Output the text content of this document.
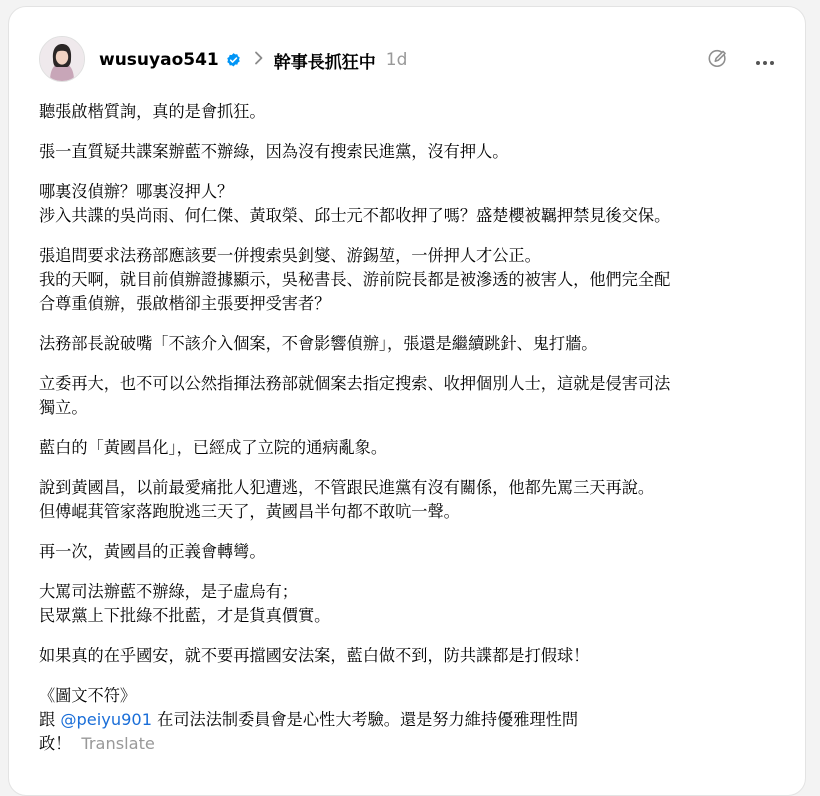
wusuyao541	幹事長抓狂中 1d

聽張啟楷質詢，真的是會抓狂。

張一直質疑共諜案辦藍不辦綠，因為沒有搜索民進黨，沒有押人。

哪裏沒偵辦？哪裏沒押人？
涉入共諜的吳尚雨、何仁傑、黃取榮、邱士元不都收押了嗎？盛楚櫻被羈押禁見後交保。

張追問要求法務部應該要一併搜索吳釗燮、游錫堃，一併押人才公正。
我的天啊，就目前偵辦證據顯示，吳秘書長、游前院長都是被滲透的被害人，他們完全配
合尊重偵辦，張啟楷卻主張要押受害者？

法務部長說破嘴「不該介入個案，不會影響偵辦」，張還是繼續跳針、鬼打牆。

立委再大，也不可以公然指揮法務部就個案去指定搜索、收押個別人士，這就是侵害司法
獨立。

藍白的「黃國昌化」，已經成了立院的通病亂象。

說到黃國昌，以前最愛痛批人犯遭逃，不管跟民進黨有沒有關係，他都先罵三天再說。
但傅崐萁管家落跑脫逃三天了，黃國昌半句都不敢吭一聲。

再一次，黃國昌的正義會轉彎。

大罵司法辦藍不辦綠，是子虛烏有；
民眾黨上下批綠不批藍，才是貨真價實。

如果真的在乎國安，就不要再擋國安法案，藍白做不到，防共諜都是打假球！

《圖文不符》
跟 @peiyu901 在司法法制委員會是心性大考驗。還是努力維持優雅理性問
政！ Translate
